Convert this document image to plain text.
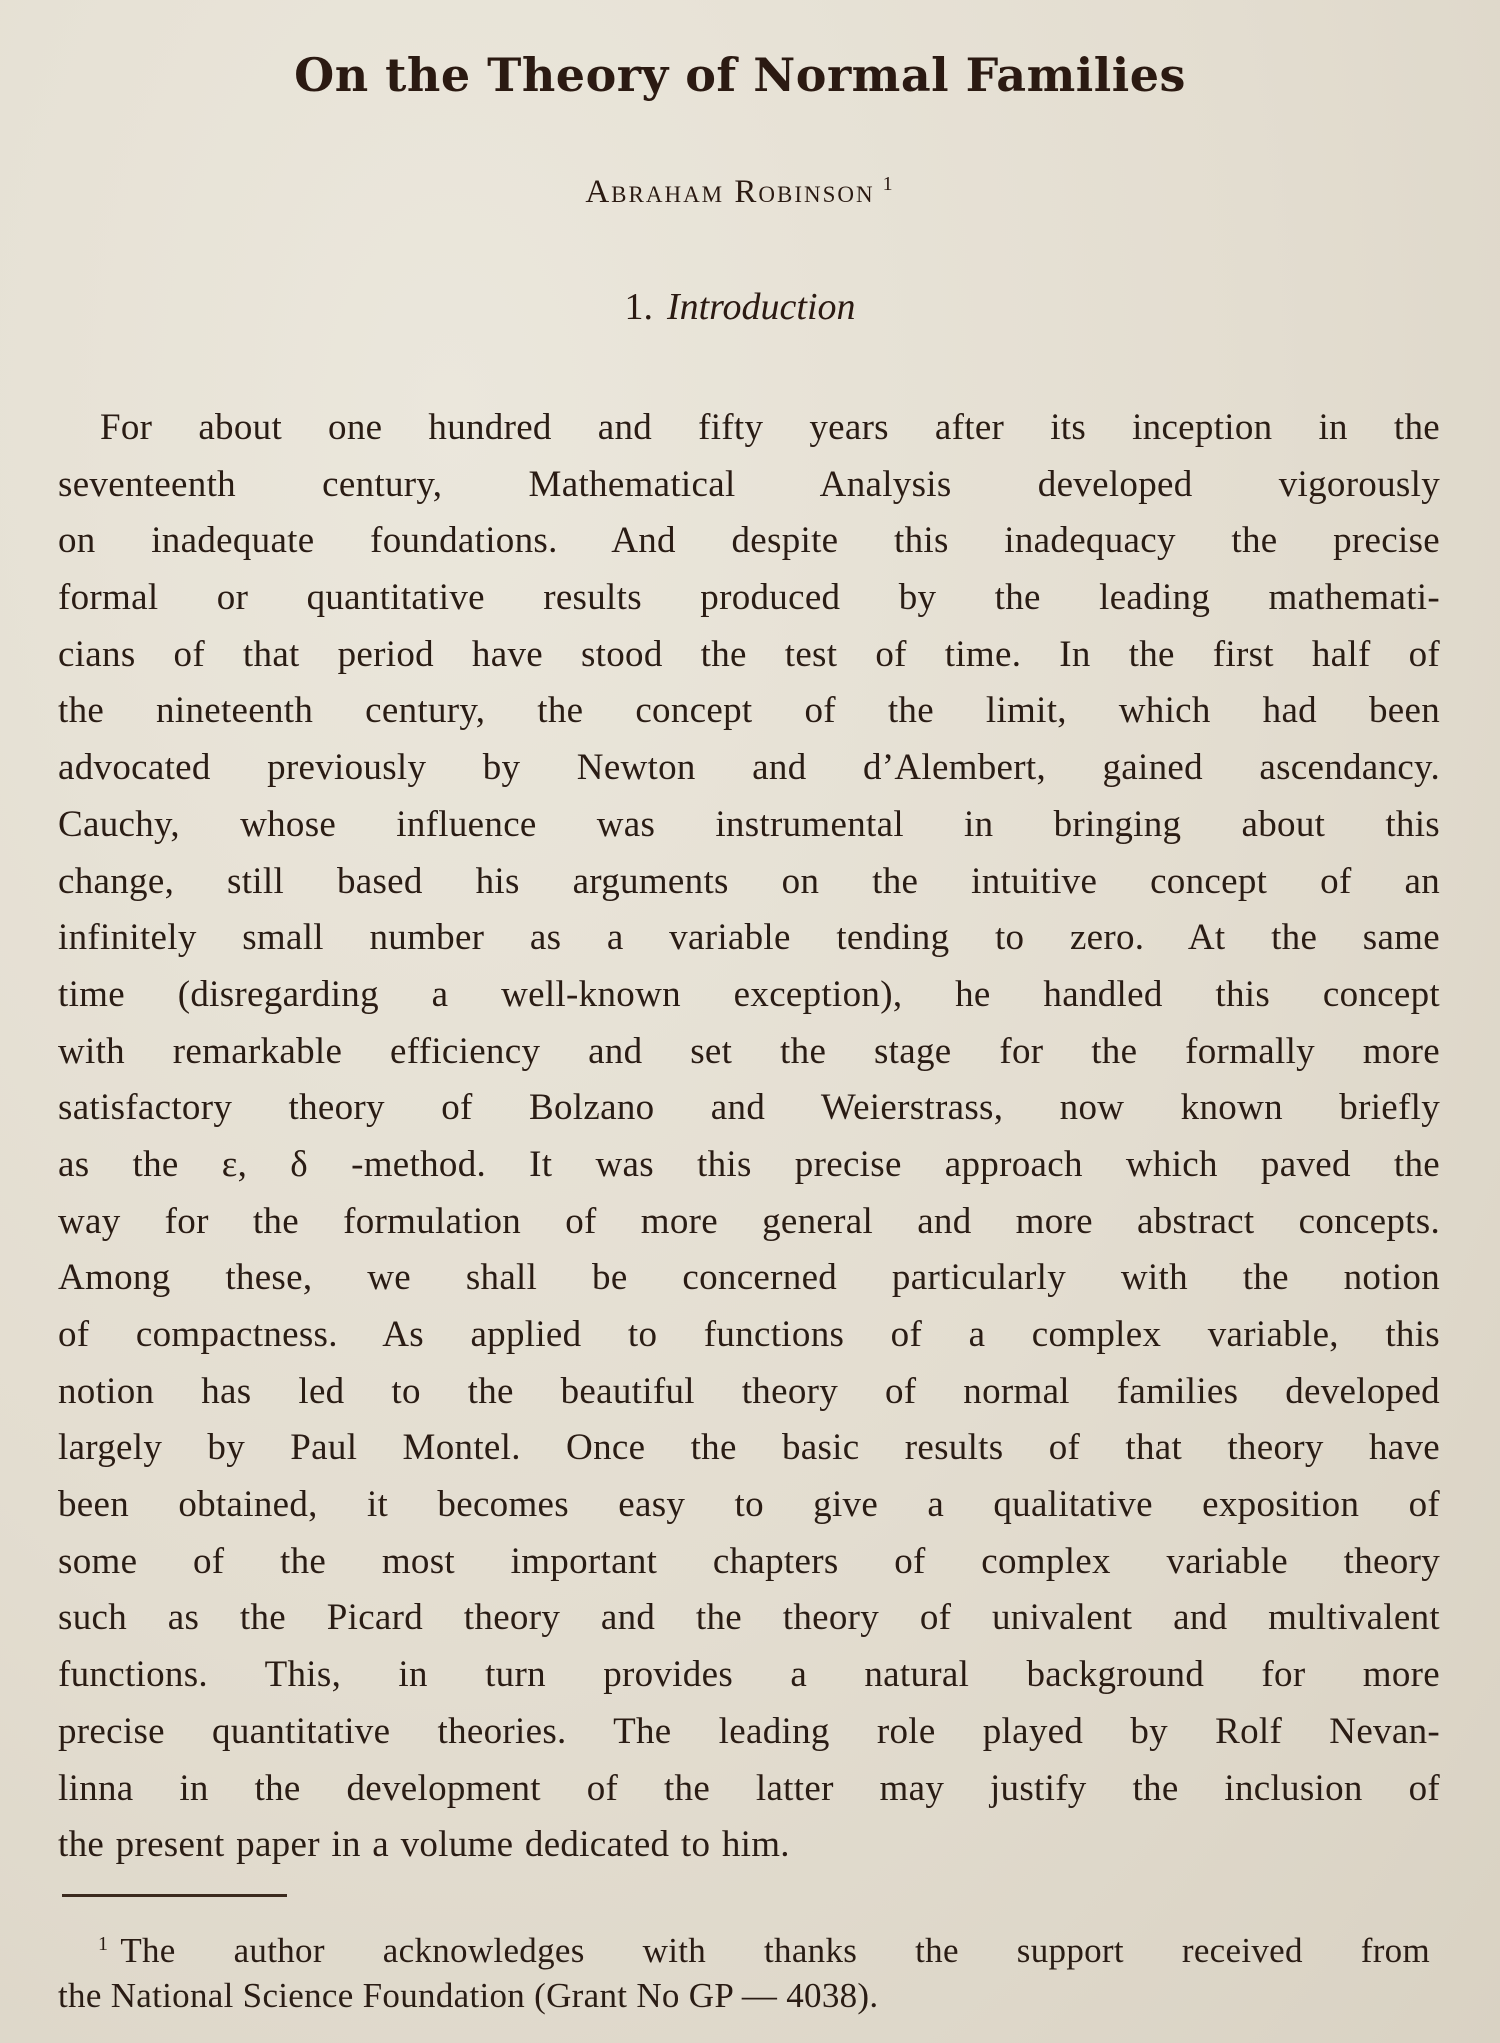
On the Theory of Normal Families
Abraham Robinson $^1$
1. Introduction
For about one hundred and fifty years after its inception in the
seventeenth century, Mathematical Analysis developed vigorously
on inadequate foundations. And despite this inadequacy the precise
formal or quantitative results produced by the leading mathemati-
cians of that period have stood the test of time. In the first half of
the nineteenth century, the concept of the limit, which had been
advocated previously by Newton and d’Alembert, gained ascendancy.
Cauchy, whose influence was instrumental in bringing about this
change, still based his arguments on the intuitive concept of an
infinitely small number as a variable tending to zero. At the same
time (disregarding a well-known exception), he handled this concept
with remarkable efficiency and set the stage for the formally more
satisfactory theory of Bolzano and Weierstrass, now known briefly
as the ε, δ -method. It was this precise approach which paved the
way for the formulation of more general and more abstract concepts.
Among these, we shall be concerned particularly with the notion
of compactness. As applied to functions of a complex variable, this
notion has led to the beautiful theory of normal families developed
largely by Paul Montel. Once the basic results of that theory have
been obtained, it becomes easy to give a qualitative exposition of
some of the most important chapters of complex variable theory
such as the Picard theory and the theory of univalent and multivalent
functions. This, in turn provides a natural background for more
precise quantitative theories. The leading role played by Rolf Nevan-
linna in the development of the latter may justify the inclusion of
the present paper in a volume dedicated to him.
$^1$ The author acknowledges with thanks the support received from
the National Science Foundation (Grant No GP — 4038).
